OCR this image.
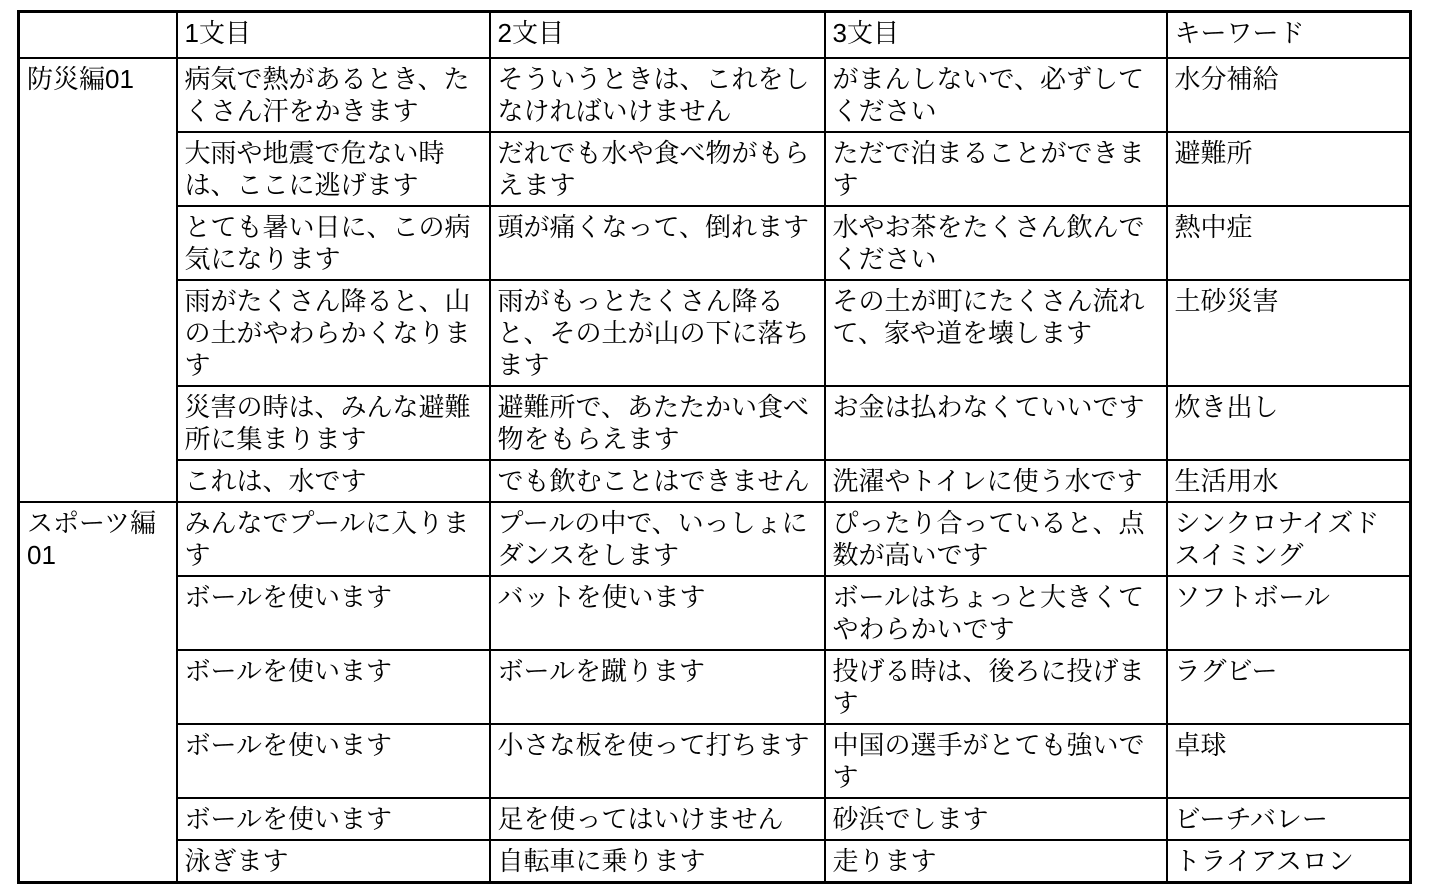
	1文目	2文目	3文目	キーワード
防災編01	病気で熱があるとき、たくさん汗をかきます	そういうときは、これをしなければいけません	がまんしないで、必ずしてください	水分補給
	大雨や地震で危ない時は、ここに逃げます	だれでも水や食べ物がもらえます	ただで泊まることができます	避難所
	とても暑い日に、この病気になります	頭が痛くなって、倒れます	水やお茶をたくさん飲んでください	熱中症
	雨がたくさん降ると、山の土がやわらかくなります	雨がもっとたくさん降ると、その土が山の下に落ちます	その土が町にたくさん流れて、家や道を壊します	土砂災害
	災害の時は、みんな避難所に集まります	避難所で、あたたかい食べ物をもらえます	お金は払わなくていいです	炊き出し
	これは、水です	でも飲むことはできません	洗濯やトイレに使う水です	生活用水
スポーツ編01	みんなでプールに入ります	プールの中で、いっしょにダンスをします	ぴったり合っていると、点数が高いです	シンクロナイズドスイミング
	ボールを使います	バットを使います	ボールはちょっと大きくてやわらかいです	ソフトボール
	ボールを使います	ボールを蹴ります	投げる時は、後ろに投げます	ラグビー
	ボールを使います	小さな板を使って打ちます	中国の選手がとても強いです	卓球
	ボールを使います	足を使ってはいけません	砂浜でします	ビーチバレー
	泳ぎます	自転車に乗ります	走ります	トライアスロン
